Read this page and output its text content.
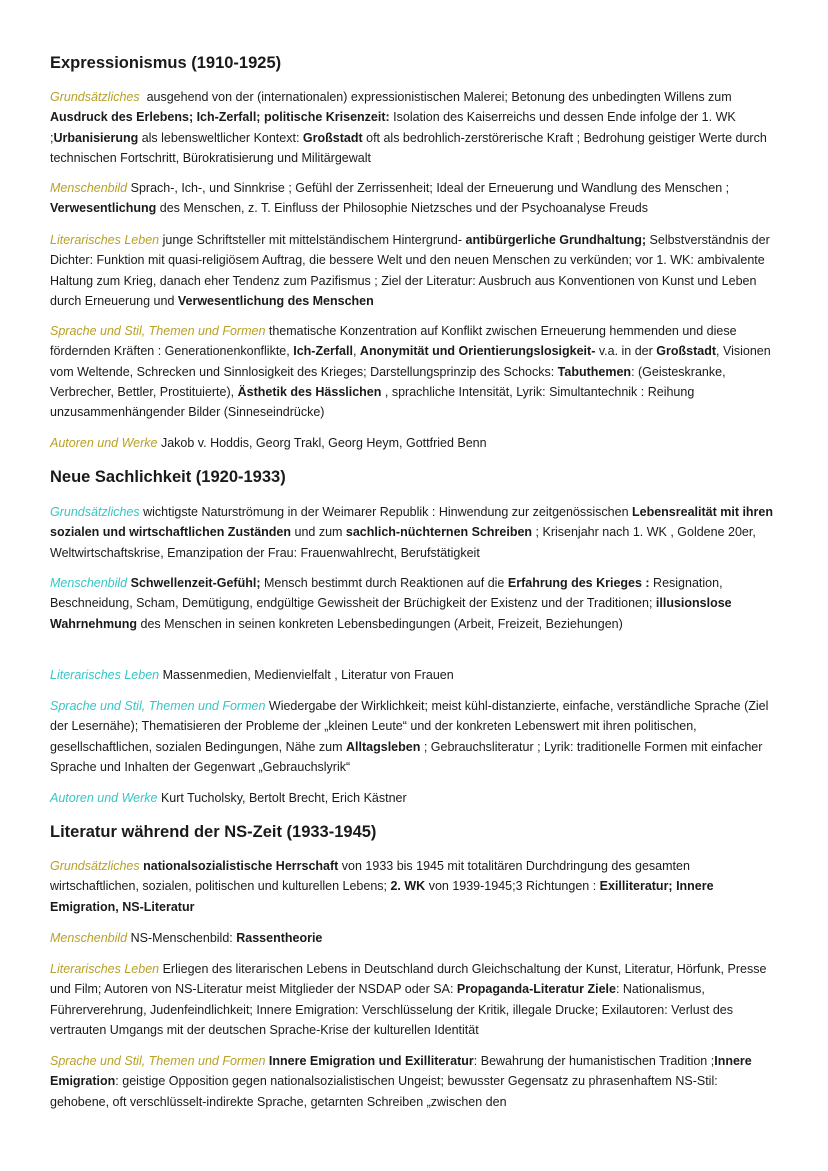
Expressionismus (1910-1925)

Grundsätzliches ausgehend von der (internationalen) expressionistischen Malerei; Betonung des unbedingten Willens zum Ausdruck des Erlebens; Ich-Zerfall; politische Krisenzeit: Isolation des Kaiserreichs und dessen Ende infolge der 1. WK ;Urbanisierung als lebensweltlicher Kontext: Großstadt oft als bedrohlich-zerstörerische Kraft ; Bedrohung geistiger Werte durch technischen Fortschritt, Bürokratisierung und Militärgewalt

Menschenbild Sprach-, Ich-, und Sinnkrise ; Gefühl der Zerrissenheit; Ideal der Erneuerung und Wandlung des Menschen ; Verwesentlichung des Menschen, z. T. Einfluss der Philosophie Nietzsches und der Psychoanalyse Freuds

Literarisches Leben junge Schriftsteller mit mittelständischem Hintergrund- antibürgerliche Grundhaltung; Selbstverständnis der Dichter: Funktion mit quasi-religiösem Auftrag, die bessere Welt und den neuen Menschen zu verkünden; vor 1. WK: ambivalente Haltung zum Krieg, danach eher Tendenz zum Pazifismus ; Ziel der Literatur: Ausbruch aus Konventionen von Kunst und Leben durch Erneuerung und Verwesentlichung des Menschen

Sprache und Stil, Themen und Formen thematische Konzentration auf Konflikt zwischen Erneuerung hemmenden und diese fördernden Kräften : Generationenkonflikte, Ich-Zerfall, Anonymität und Orientierungslosigkeit- v.a. in der Großstadt, Visionen vom Weltende, Schrecken und Sinnlosigkeit des Krieges; Darstellungsprinzip des Schocks: Tabuthemen: (Geisteskranke, Verbrecher, Bettler, Prostituierte), Ästhetik des Hässlichen , sprachliche Intensität, Lyrik: Simultantechnik : Reihung unzusammenhängender Bilder (Sinneseindrücke)

Autoren und Werke Jakob v. Hoddis, Georg Trakl, Georg Heym, Gottfried Benn

Neue Sachlichkeit (1920-1933)

Grundsätzliches wichtigste Naturströmung in der Weimarer Republik : Hinwendung zur zeitgenössischen Lebensrealität mit ihren sozialen und wirtschaftlichen Zuständen und zum sachlich-nüchternen Schreiben ; Krisenjahr nach 1. WK , Goldene 20er, Weltwirtschaftskrise, Emanzipation der Frau: Frauenwahlrecht, Berufstätigkeit

Menschenbild Schwellenzeit-Gefühl; Mensch bestimmt durch Reaktionen auf die Erfahrung des Krieges : Resignation, Beschneidung, Scham, Demütigung, endgültige Gewissheit der Brüchigkeit der Existenz und der Traditionen; illusionslose Wahrnehmung des Menschen in seinen konkreten Lebensbedingungen (Arbeit, Freizeit, Beziehungen)

Literarisches Leben Massenmedien, Medienvielfalt , Literatur von Frauen

Sprache und Stil, Themen und Formen Wiedergabe der Wirklichkeit; meist kühl-distanzierte, einfache, verständliche Sprache (Ziel der Lesernähe); Thematisieren der Probleme der „kleinen Leute“ und der konkreten Lebenswert mit ihren politischen, gesellschaftlichen, sozialen Bedingungen, Nähe zum Alltagsleben ; Gebrauchsliteratur ; Lyrik: traditionelle Formen mit einfacher Sprache und Inhalten der Gegenwart „Gebrauchslyrik“

Autoren und Werke Kurt Tucholsky, Bertolt Brecht, Erich Kästner

Literatur während der NS-Zeit (1933-1945)

Grundsätzliches nationalsozialistische Herrschaft von 1933 bis 1945 mit totalitären Durchdringung des gesamten wirtschaftlichen, sozialen, politischen und kulturellen Lebens; 2. WK von 1939-1945;3 Richtungen : Exilliteratur; Innere Emigration, NS-Literatur

Menschenbild NS-Menschenbild: Rassentheorie

Literarisches Leben Erliegen des literarischen Lebens in Deutschland durch Gleichschaltung der Kunst, Literatur, Hörfunk, Presse und Film; Autoren von NS-Literatur meist Mitglieder der NSDAP oder SA: Propaganda-Literatur Ziele: Nationalismus, Führerverehrung, Judenfeindlichkeit; Innere Emigration: Verschlüsselung der Kritik, illegale Drucke; Exilautoren: Verlust des vertrauten Umgangs mit der deutschen Sprache-Krise der kulturellen Identität

Sprache und Stil, Themen und Formen Innere Emigration und Exilliteratur: Bewahrung der humanistischen Tradition ;Innere Emigration: geistige Opposition gegen nationalsozialistischen Ungeist; bewusster Gegensatz zu phrasenhaftem NS-Stil: gehobene, oft verschlüsselt-indirekte Sprache, getarnten Schreiben „zwischen den
